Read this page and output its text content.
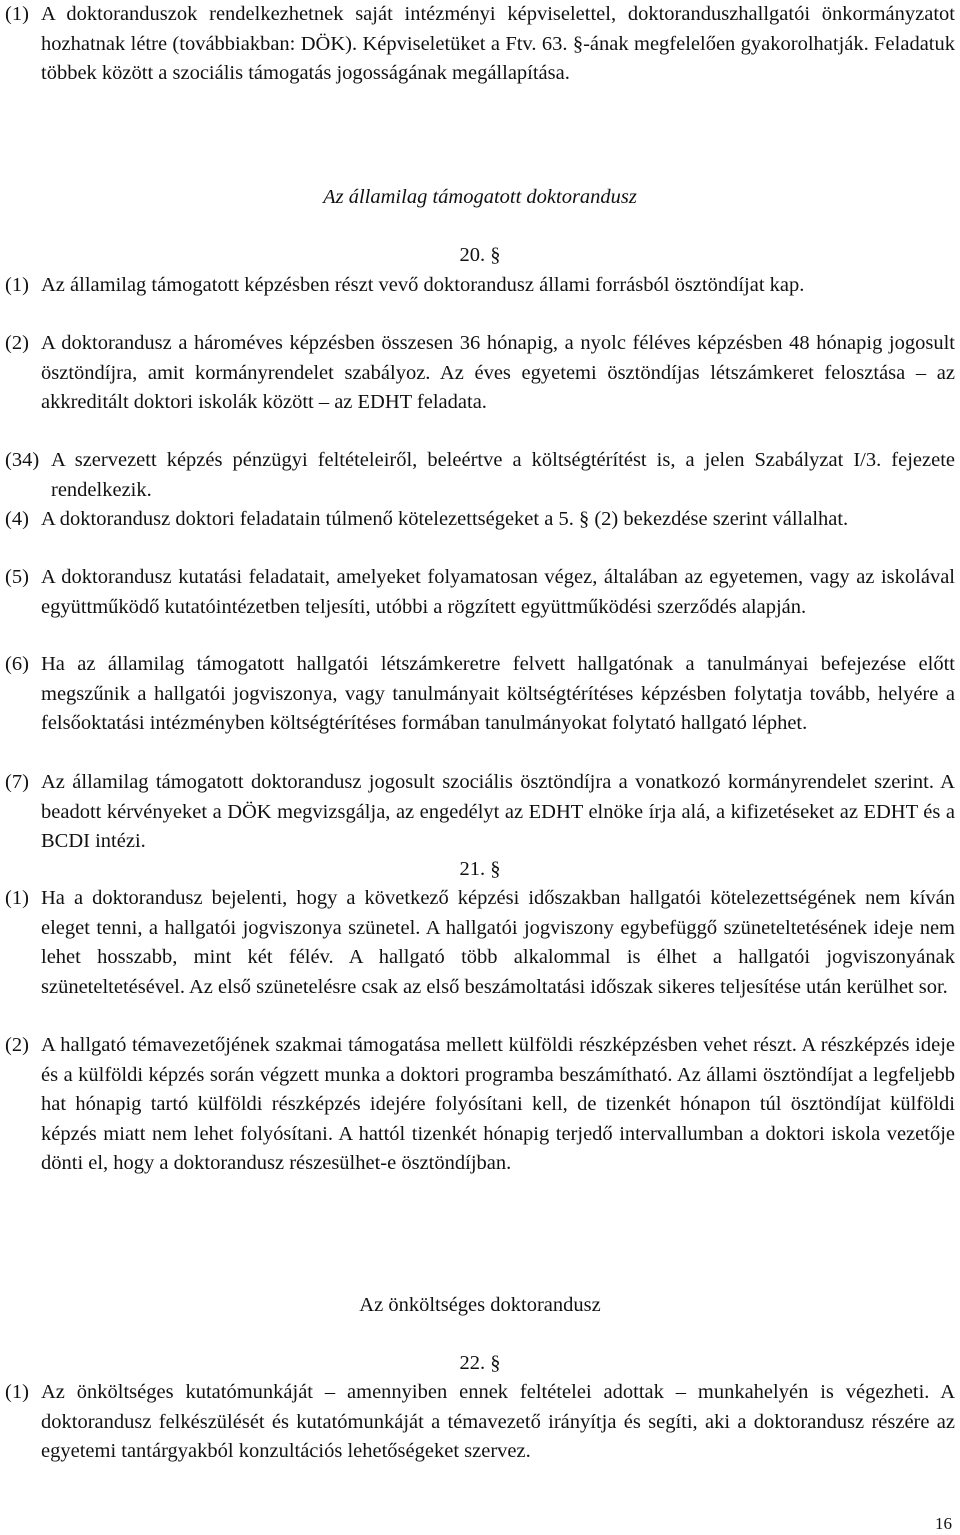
(1) A doktoranduszok rendelkezhetnek saját intézményi képviselettel, doktoranduszhallgatói önkormányzatot hozhatnak létre (továbbiakban: DÖK). Képviseletüket a Ftv. 63. §-ának megfelelően gyakorolhatják. Feladatuk többek között a szociális támogatás jogosságának megállapítása.
Az államilag támogatott doktorandusz
20. §
(1) Az államilag támogatott képzésben részt vevő doktorandusz állami forrásból ösztöndíjat kap.
(2) A doktorandusz a hároméves képzésben összesen 36 hónapig, a nyolc féléves képzésben 48 hónapig jogosult ösztöndíjra, amit kormányrendelet szabályoz. Az éves egyetemi ösztöndíjas létszámkeret felosztása – az akkreditált doktori iskolák között – az EDHT feladata.
(34) A szervezett képzés pénzügyi feltételeiről, beleértve a költségtérítést is, a jelen Szabályzat I/3. fejezete rendelkezik.
(4) A doktorandusz doktori feladatain túlmenő kötelezettségeket a 5. § (2) bekezdése szerint vállalhat.
(5) A doktorandusz kutatási feladatait, amelyeket folyamatosan végez, általában az egyetemen, vagy az iskolával együttműködő kutatóintézetben teljesíti, utóbbi a rögzített együttműködési szerződés alapján.
(6) Ha az államilag támogatott hallgatói létszámkeretre felvett hallgatónak a tanulmányai befejezése előtt megszűnik a hallgatói jogviszonya, vagy tanulmányait költségtérítéses képzésben folytatja tovább, helyére a felsőoktatási intézményben költségtérítéses formában tanulmányokat folytató hallgató léphet.
(7) Az államilag támogatott doktorandusz jogosult szociális ösztöndíjra a vonatkozó kormányrendelet szerint. A beadott kérvényeket a DÖK megvizsgálja, az engedélyt az EDHT elnöke írja alá, a kifizetéseket az EDHT és a BCDI intézi.
21. §
(1) Ha a doktorandusz bejelenti, hogy a következő képzési időszakban hallgatói kötelezettségének nem kíván eleget tenni, a hallgatói jogviszonya szünetel. A hallgatói jogviszony egybefüggő szüneteltetésének ideje nem lehet hosszabb, mint két félév. A hallgató több alkalommal is élhet a hallgatói jogviszonyának szüneteltetésével. Az első szünetelésre csak az első beszámoltatási időszak sikeres teljesítése után kerülhet sor.
(2) A hallgató témavezetőjének szakmai támogatása mellett külföldi részképzésben vehet részt. A részképzés ideje és a külföldi képzés során végzett munka a doktori programba beszámítható. Az állami ösztöndíjat a legfeljebb hat hónapig tartó külföldi részképzés idejére folyósítani kell, de tizenkét hónapon túl ösztöndíjat külföldi képzés miatt nem lehet folyósítani. A hattól tizenkét hónapig terjedő intervallumban a doktori iskola vezetője dönti el, hogy a doktorandusz részesülhet-e ösztöndíjban.
Az önköltséges doktorandusz
22. §
(1) Az önköltséges kutatómunkáját – amennyiben ennek feltételei adottak – munkahelyén is végezheti. A doktorandusz felkészülését és kutatómunkáját a témavezető irányítja és segíti, aki a doktorandusz részére az egyetemi tantárgyakból konzultációs lehetőségeket szervez.
16
